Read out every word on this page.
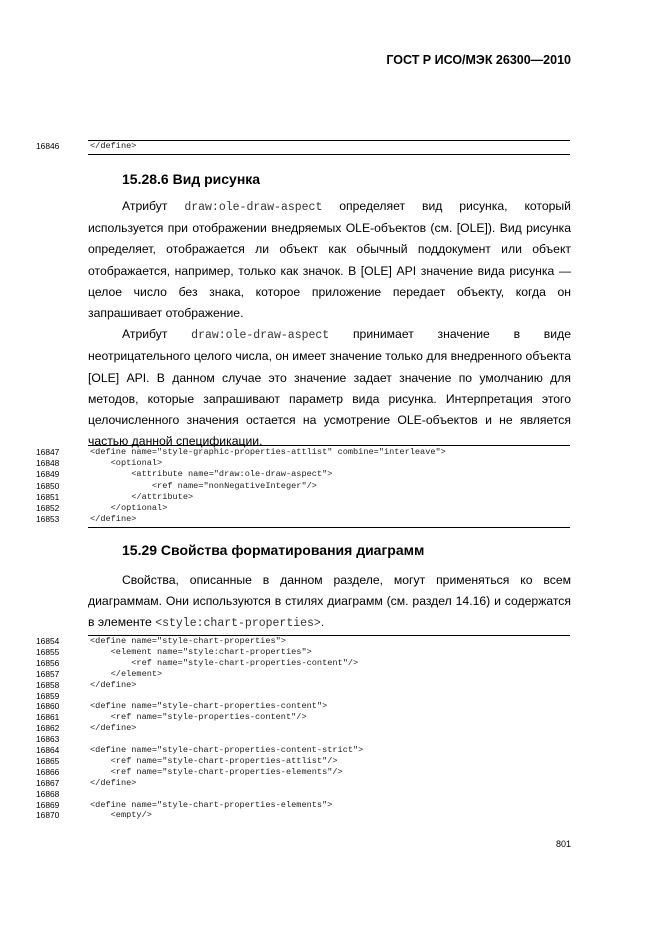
ГОСТ Р ИСО/МЭК 26300—2010
16846	</define>
15.28.6 Вид рисунка

Атрибут draw:ole-draw-aspect определяет вид рисунка, который используется при отображении внедряемых OLE-объектов (см. [OLE]). Вид рисунка определяет, отображается ли объект как обычный поддокумент или объект отображается, например, только как значок. В [OLE] API значение вида рисунка — целое число без знака, которое приложение передает объекту, когда он запрашивает отображение.

Атрибут draw:ole-draw-aspect принимает значение в виде неотрицательного целого числа, он имеет значение только для внедренного объекта [OLE] API. В данном случае это значение задает значение по умолчанию для методов, которые запрашивают параметр вида рисунка. Интерпретация этого целочисленного значения остается на усмотрение OLE-объектов и не является частью данной спецификации.

16847	<define name="style-graphic-properties-attlist" combine="interleave">
16848	<optional>
16849	<attribute name="draw:ole-draw-aspect">
16850	<ref name="nonNegativeInteger"/>
16851	</attribute>
16852	</optional>
16853	</define>
15.29 Свойства форматирования диаграмм

Свойства, описанные в данном разделе, могут применяться ко всем диаграммам. Они используются в стилях диаграмм (см. раздел 14.16) и содержатся в элементе <style:chart-properties>.

16854	<define name="style-chart-properties">
16855	<element name="style:chart-properties">
16856	<ref name="style-chart-properties-content"/>
16857	</element>
16858	</define>
16859
16860	<define name="style-chart-properties-content">
16861	<ref name="style-properties-content"/>
16862	</define>
16863
16864	<define name="style-chart-properties-content-strict">
16865	<ref name="style-chart-properties-attlist"/>
16866	<ref name="style-chart-properties-elements"/>
16867	</define>
16868
16869	<define name="style-chart-properties-elements">
16870	<empty/>
801
